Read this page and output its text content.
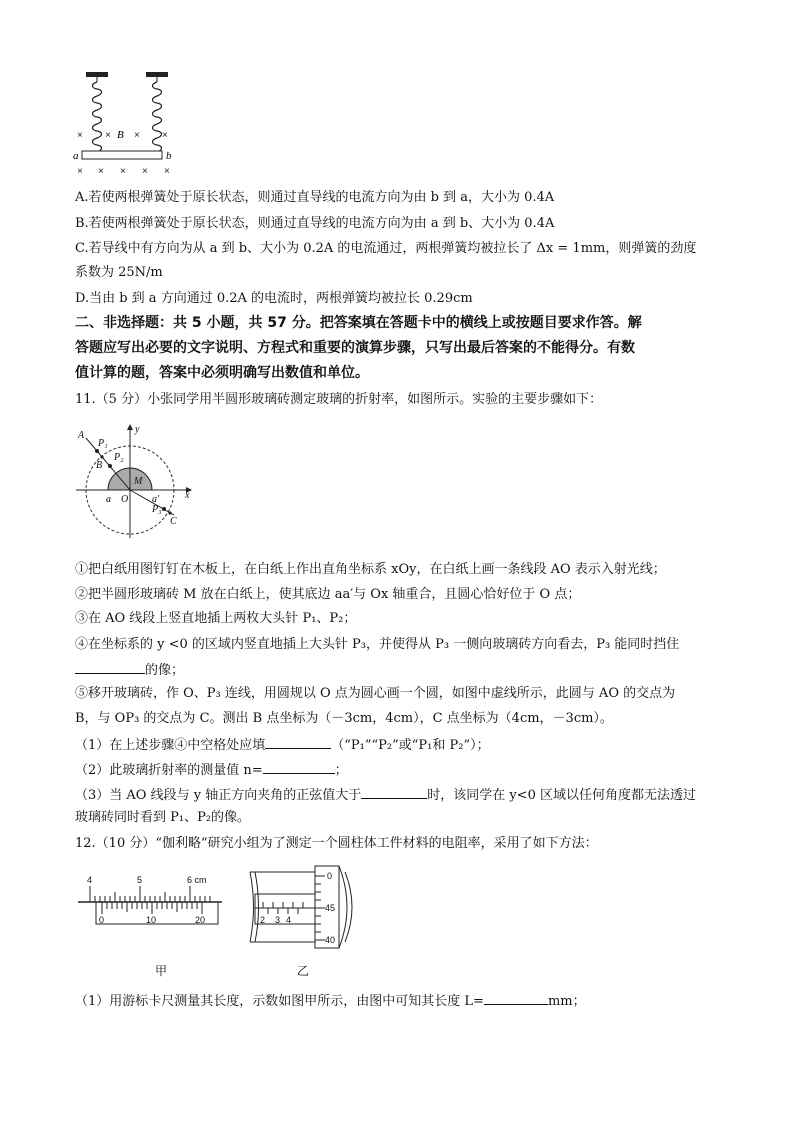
× × × ×
× × × × ×
B
a	b
A.若使两根弹簧处于原长状态，则通过直导线的电流方向为由 b 到 a，大小为 0.4A
B.若使两根弹簧处于原长状态，则通过直导线的电流方向为由 a 到 b、大小为 0.4A
C.若导线中有方向为从 a 到 b、大小为 0.2A 的电流通过，两根弹簧均被拉长了 Δx = 1mm，则弹簧的劲度
系数为 25N/m
D.当由 b 到 a 方向通过 0.2A 的电流时，两根弹簧均被拉长 0.29cm
二、非选择题：共 5 小题，共 57 分。把答案填在答题卡中的横线上或按题目要求作答。解
答题应写出必要的文字说明、方程式和重要的演算步骤，只写出最后答案的不能得分。有数
值计算的题，答案中必须明确写出数值和单位。
11.（5 分）小张同学用半圆形玻璃砖测定玻璃的折射率，如图所示。实验的主要步骤如下：
A
P₁
P₂
B
M
a O a′
P₃
C
x
y
①把白纸用图钉钉在木板上，在白纸上作出直角坐标系 xOy，在白纸上画一条线段 AO 表示入射光线；
②把半圆形玻璃砖 M 放在白纸上，使其底边 aa′与 Ox 轴重合，且圆心恰好位于 O 点；
③在 AO 线段上竖直地插上两枚大头针 P₁、P₂；
④在坐标系的 y <0 的区域内竖直地插上大头针 P₃，并使得从 P₃ 一侧向玻璃砖方向看去，P₃ 能同时挡住
的像；
⑤移开玻璃砖，作 O、P₃ 连线，用圆规以 O 点为圆心画一个圆，如图中虚线所示，此圆与 AO 的交点为
B，与 OP₃ 的交点为 C。测出 B 点坐标为（－3cm，4cm），C 点坐标为（4cm，－3cm）。
（1）在上述步骤④中空格处应填	（“P₁”“P₂”或“P₁和 P₂”）；
（2）此玻璃折射率的测量值 n=	；
（3）当 AO 线段与 y 轴正方向夹角的正弦值大于	时，该同学在 y<0 区域以任何角度都无法透过
玻璃砖同时看到 P₁、P₂的像。
12.（10 分）“伽利略”研究小组为了测定一个圆柱体工件材料的电阻率，采用了如下方法：
4	5	6 cm
0	10	20
甲
2 3 4
0
45
40
乙
（1）用游标卡尺测量其长度，示数如图甲所示，由图中可知其长度 L=	mm；
